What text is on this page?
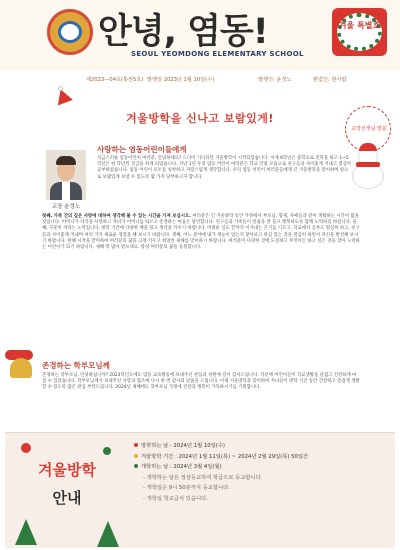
안녕, 염동!
SEOUL YEOMDONG ELEMENTARY SCHOOL
겨울 특별호
제2023—04호(통권5호) 발행일 2023년 1월 10일(수)	발행인: 윤정노	편집인: 현아람
겨울방학을 신나고 보람있게!
교장선생님 말씀
교장 윤정노
사랑하는 염동어린이들에게
지금스러운 염동어린이 여러분, 안녕하세요? 드디어 기다리던 겨울방학이 시작되었습니다. 이제 6학년은 중학교로 진학을 하고 1~5학년은 한 학년씩 진급을 하게 되었습니다. 지난 1년 우리 염동 어린이 여러분은 학교 안팎 모습으로 친구들과 사이좋게 지내고 열심히 공부하였습니다. 염동 어린이 모두를 칭찬하고 자랑스럽게 생각합니다. 우리 염동 어린이 여러분들에게 긴 겨울방학을 맞이하여 앞으로 보람있게 보낼 수 있도록 몇 가지 당부하고자 합니다.
첫째, 가족 간의 깊은 사랑에 대하여 생각해 볼 수 있는 시간을 가져 보십시오. 여러분은 긴 겨울방학 동안 가정에서 부모님, 형제, 자매들과 같이 생활하는 시간이 많을 것입니다. 어머니가 자식을 사랑하고 자녀가 어머니를 따르고 존경하는 마음은 당연합니다. 친구들과 가족들이 말씀을 잘 들고 행복하도록 함께 노력하길 바랍니다. 둘째, 꾸준히 자라는 노력입니다. 방학 기간에 다양한 책을 읽고 생각을 키우기 바랍니다. 어려운 일도 끝까지 이겨내는 끈기를 기르고, 학교에서 공부도 열심히 하고, 친구들과 사이좋게 지내며 여러 가지 새로운 경험을 해 보시기 바랍니다. 셋째, 어느 분야에 내가 재능이 있는지 찾아보고 관심 있는 것을 열심히 하면서 자신을 발견해 보시기 바랍니다. 한해 시작을 맞이하여 여러분의 꿈을 크게 키우고 희망찬 새해를 맞이하기 바랍니다. 여러분이 다양한 것에 도전하고 무엇이든 하고 싶은 것을 찾아 노력하는 어린이가 되기 바랍니다. 새해 복 많이 받으세요. 항상 여러분의 꿈을 응원합니다.
존경하는 학부모님께
존경하는 학부모님, 안녕하십니까? 2023학년도에도 염동 교육활동에 보내주신 관심과 성원에 깊이 감사드립니다. 덕분에 어린이들이 학교생활을 즐겁고 건강하게 마칠 수 있었습니다. 학부모님께서 보내주신 사랑과 협조에 다시 한 번 감사의 말씀을 드립니다. 이제 겨울방학을 맞이하여 자녀들이 방학 기간 동안 건강하고 즐겁게 생활할 수 있도록 많은 관심 부탁드립니다. 2024년 새해에도 학부모님 가정에 건강과 행복이 가득하시기를 기원합니다.
겨울방학
안내
방학하는 날 : 2024년 1월 10일(수)
겨울방학 기간 : 2024년 1월 11일(목) ~ 2024년 2월 29일(목) 50일간
개학하는 날 : 2024년 3월 4일(월)
- 개학하는 날은 정상등교하여 학급으로 등교합니다.
- 개학일은 9시 50분까지 등교합니다.
- 개학일 학교급식 있습니다.
